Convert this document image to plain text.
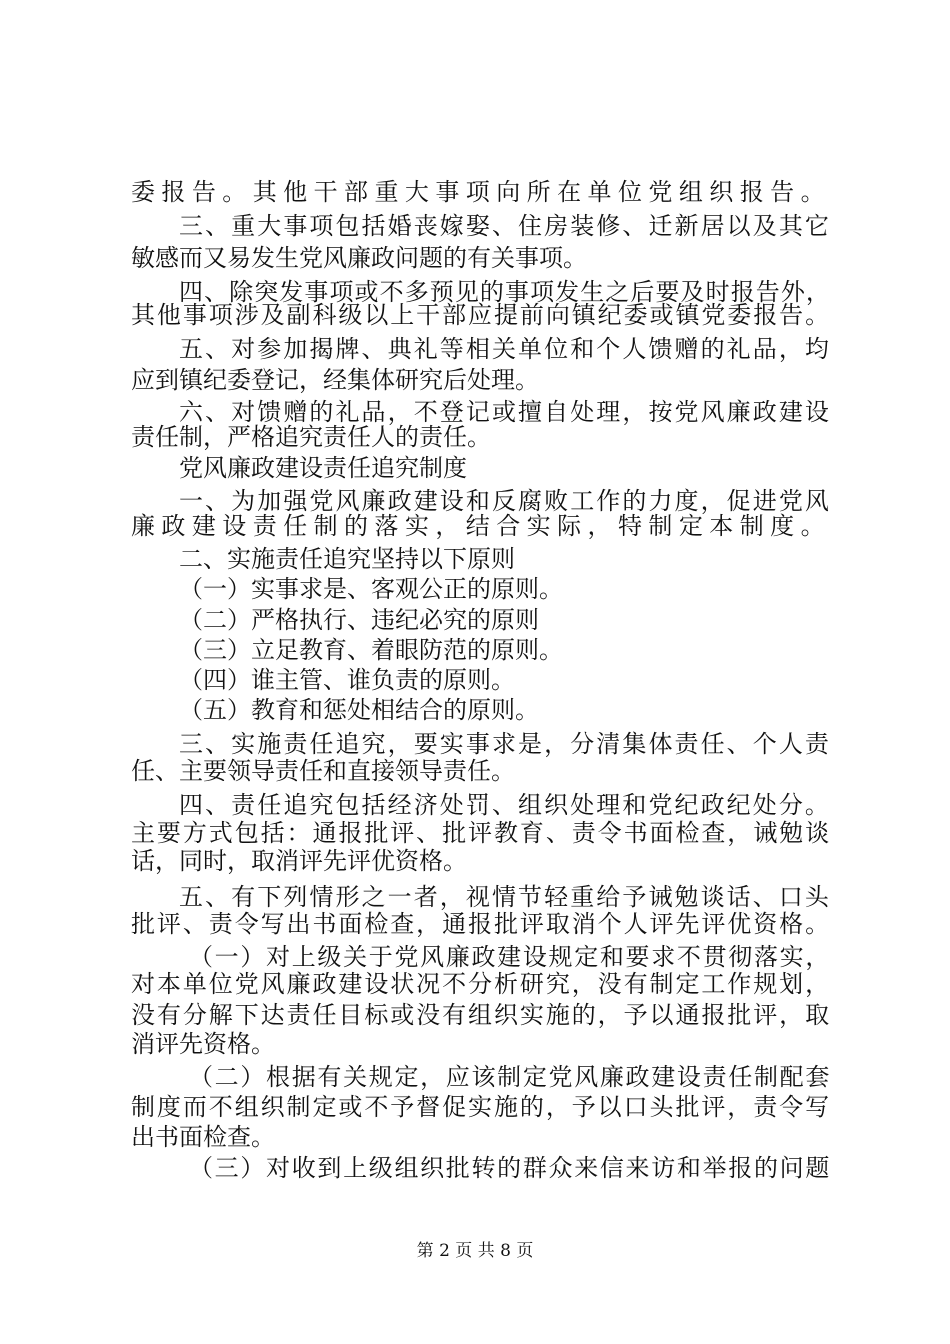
委报告。其他干部重大事项向所在单位党组织报告。

三、重大事项包括婚丧嫁娶、住房装修、迁新居以及其它

敏感而又易发生党风廉政问题的有关事项。

四、除突发事项或不多预见的事项发生之后要及时报告外，

其他事项涉及副科级以上干部应提前向镇纪委或镇党委报告。

五、对参加揭牌、典礼等相关单位和个人馈赠的礼品，均

应到镇纪委登记，经集体研究后处理。

六、对馈赠的礼品，不登记或擅自处理，按党风廉政建设

责任制，严格追究责任人的责任。

党风廉政建设责任追究制度

一、为加强党风廉政建设和反腐败工作的力度，促进党风

廉政建设责任制的落实，结合实际，特制定本制度。

二、实施责任追究坚持以下原则

（一）实事求是、客观公正的原则。

（二）严格执行、违纪必究的原则

（三）立足教育、着眼防范的原则。

（四）谁主管、谁负责的原则。

（五）教育和惩处相结合的原则。

三、实施责任追究，要实事求是，分清集体责任、个人责

任、主要领导责任和直接领导责任。

四、责任追究包括经济处罚、组织处理和党纪政纪处分。

主要方式包括：通报批评、批评教育、责令书面检查，诫勉谈

话，同时，取消评先评优资格。

五、有下列情形之一者，视情节轻重给予诫勉谈话、口头

批评、责令写出书面检查，通报批评取消个人评先评优资格。

（一）对上级关于党风廉政建设规定和要求不贯彻落实，

对本单位党风廉政建设状况不分析研究，没有制定工作规划，

没有分解下达责任目标或没有组织实施的，予以通报批评，取

消评先资格。

（二）根据有关规定，应该制定党风廉政建设责任制配套

制度而不组织制定或不予督促实施的，予以口头批评，责令写

出书面检查。

（三）对收到上级组织批转的群众来信来访和举报的问题

第 2 页 共 8 页
